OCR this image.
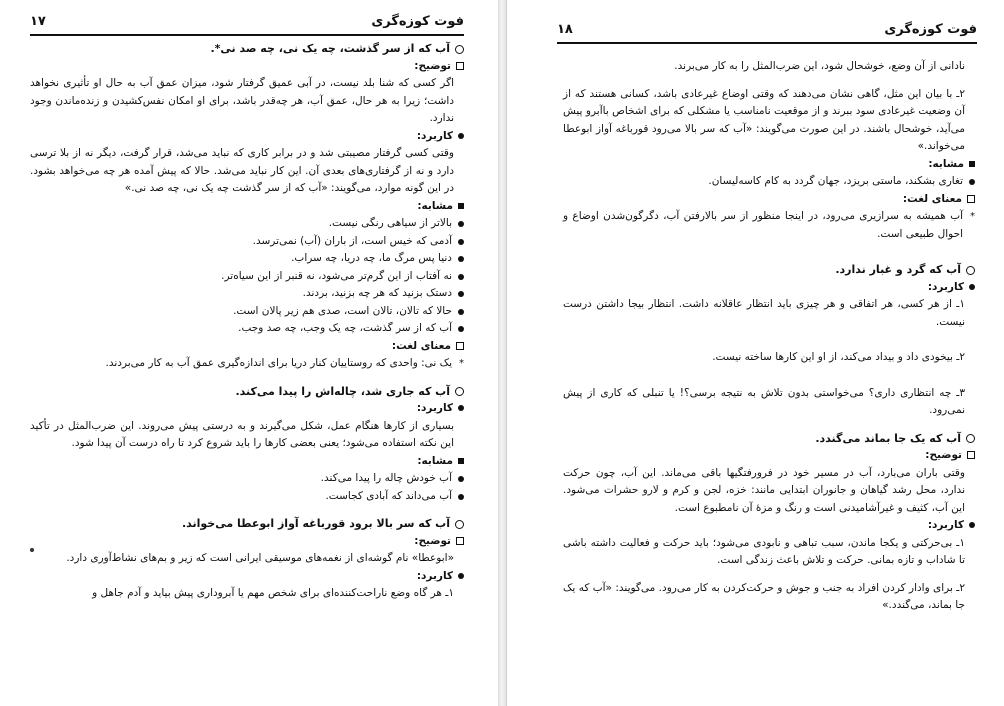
فوت کوزه‌گری
۱۷
آب که از سر گذشت، چه یک نی، چه صد نی*.
توضیح:

اگر کسی که شنا بلد نیست، در آبی عمیق گرفتار شود، میزان عمق آب به حال او تأثیری نخواهد داشت؛ زیرا به هر حال، عمق آب، هر چه‌قدر باشد، برای او امکان نفس‌کشیدن و زنده‌ماندن وجود ندارد.

کاربرد:

وقتی کسی گرفتار مصیبتی شد و در برابر کاری که نباید می‌شد، قرار گرفت، دیگر نه از بلا ترسی دارد و نه از گرفتاری‌های بعدی آن. این کار نباید می‌شد. حالا که پیش آمده هر چه می‌خواهد بشود. در این گونه موارد، می‌گویند: «آب که از سر گذشت چه یک نی، چه صد نی.»

مشابه:

بالاتر از سیاهی رنگی نیست.

آدمی که خیس است، از باران (آب) نمی‌ترسد.

دنیا پس مرگ ما، چه دریا، چه سراب.

نه آفتاب از این گرم‌تر می‌شود، نه قنبر از این سیاه‌تر.

دستک بزنید که هر چه بزنید، بردند.

حالا که تالان، تالان است، صدی هم زیر پالان است.

آب که از سر گذشت، چه یک وجب، چه صد وجب.

معنای لغت:

*
یک نی: واحدی که روستاییان کنار دریا برای اندازه‌گیری عمق آب به کار می‌بردند.

آب که جاری شد، چاله‌اش را پیدا می‌کند.
کاربرد:

بسیاری از کارها هنگام عمل، شکل می‌گیرند و به درستی پیش می‌روند. این ضرب‌المثل در تأکید این نکته استفاده می‌شود؛ یعنی بعضی کارها را باید شروع کرد تا راه درست آن پیدا شود.

مشابه:

آب خودش چاله را پیدا می‌کند.

آب می‌داند که آبادی کجاست.

آب که سر بالا برود قورباغه آواز ابوعطا می‌خواند.
توضیح:

«ابوعطا» نام گوشه‌ای از نغمه‌های موسیقی ایرانی است که زیر و بم‌های نشاط‌آوری دارد.

کاربرد:

۱ـ هر گاه وضع ناراحت‌کننده‌ای برای شخص مهم یا آبروداری پیش بیاید و آدم جاهل و

فوت کوزه‌گری
۱۸

نادانی از آن وضع، خوشحال شود، این ضرب‌المثل را به کار می‌برند.

۲ـ با بیان این مثل، گاهی نشان می‌دهند که وقتی اوضاع غیرعادی باشد، کسانی هستند که از آن وضعیت غیرعادی سود ببرند و از موقعیت نامناسب یا مشکلی که برای اشخاص باآبرو پیش می‌آید، خوشحال باشند. در این صورت می‌گویند: «آب که سر بالا می‌رود قورباغه آواز ابوعطا می‌خواند.»

مشابه:

تغاری بشکند، ماستی بریزد، جهان گردد به کام کاسه‌لیسان.

معنای لغت:

*
آب همیشه به سرازیری می‌رود، در اینجا منظور از سر بالارفتن آب، دگرگون‌شدن اوضاع و احوال طبیعی است.

آب که گرد و غبار ندارد.
کاربرد:

۱ـ از هر کسی، هر اتفاقی و هر چیزی باید انتظار عاقلانه داشت. انتظار بیجا داشتن درست نیست.

۲ـ بیخودی داد و بیداد می‌کند، از او این کارها ساخته نیست.

۳ـ چه انتظاری داری؟ می‌خواستی بدون تلاش به نتیجه برسی؟! یا تنبلی که کاری از پیش نمی‌رود.

آب که یک جا بماند می‌گندد.
توضیح:

وقتی باران می‌بارد، آب در مسیر خود در فرورفتگیها باقی می‌ماند. این آب، چون حرکت ندارد، محل رشد گیاهان و جانوران ابتدایی مانند: خزه، لجن و کرم و لارو حشرات می‌شود. این آب، کثیف و غیرآشامیدنی است و رنگ و مزهٔ آن نامطبوع است.

کاربرد:

۱ـ بی‌حرکتی و یکجا ماندن، سبب تباهی و نابودی می‌شود؛ باید حرکت و فعالیت داشته باشی تا شاداب و تازه بمانی. حرکت و تلاش باعث زندگی است.

۲ـ برای وادار کردن افراد به جنب و جوش و حرکت‌کردن به کار می‌رود. می‌گویند: «آب که یک جا بماند، می‌گندد.»
